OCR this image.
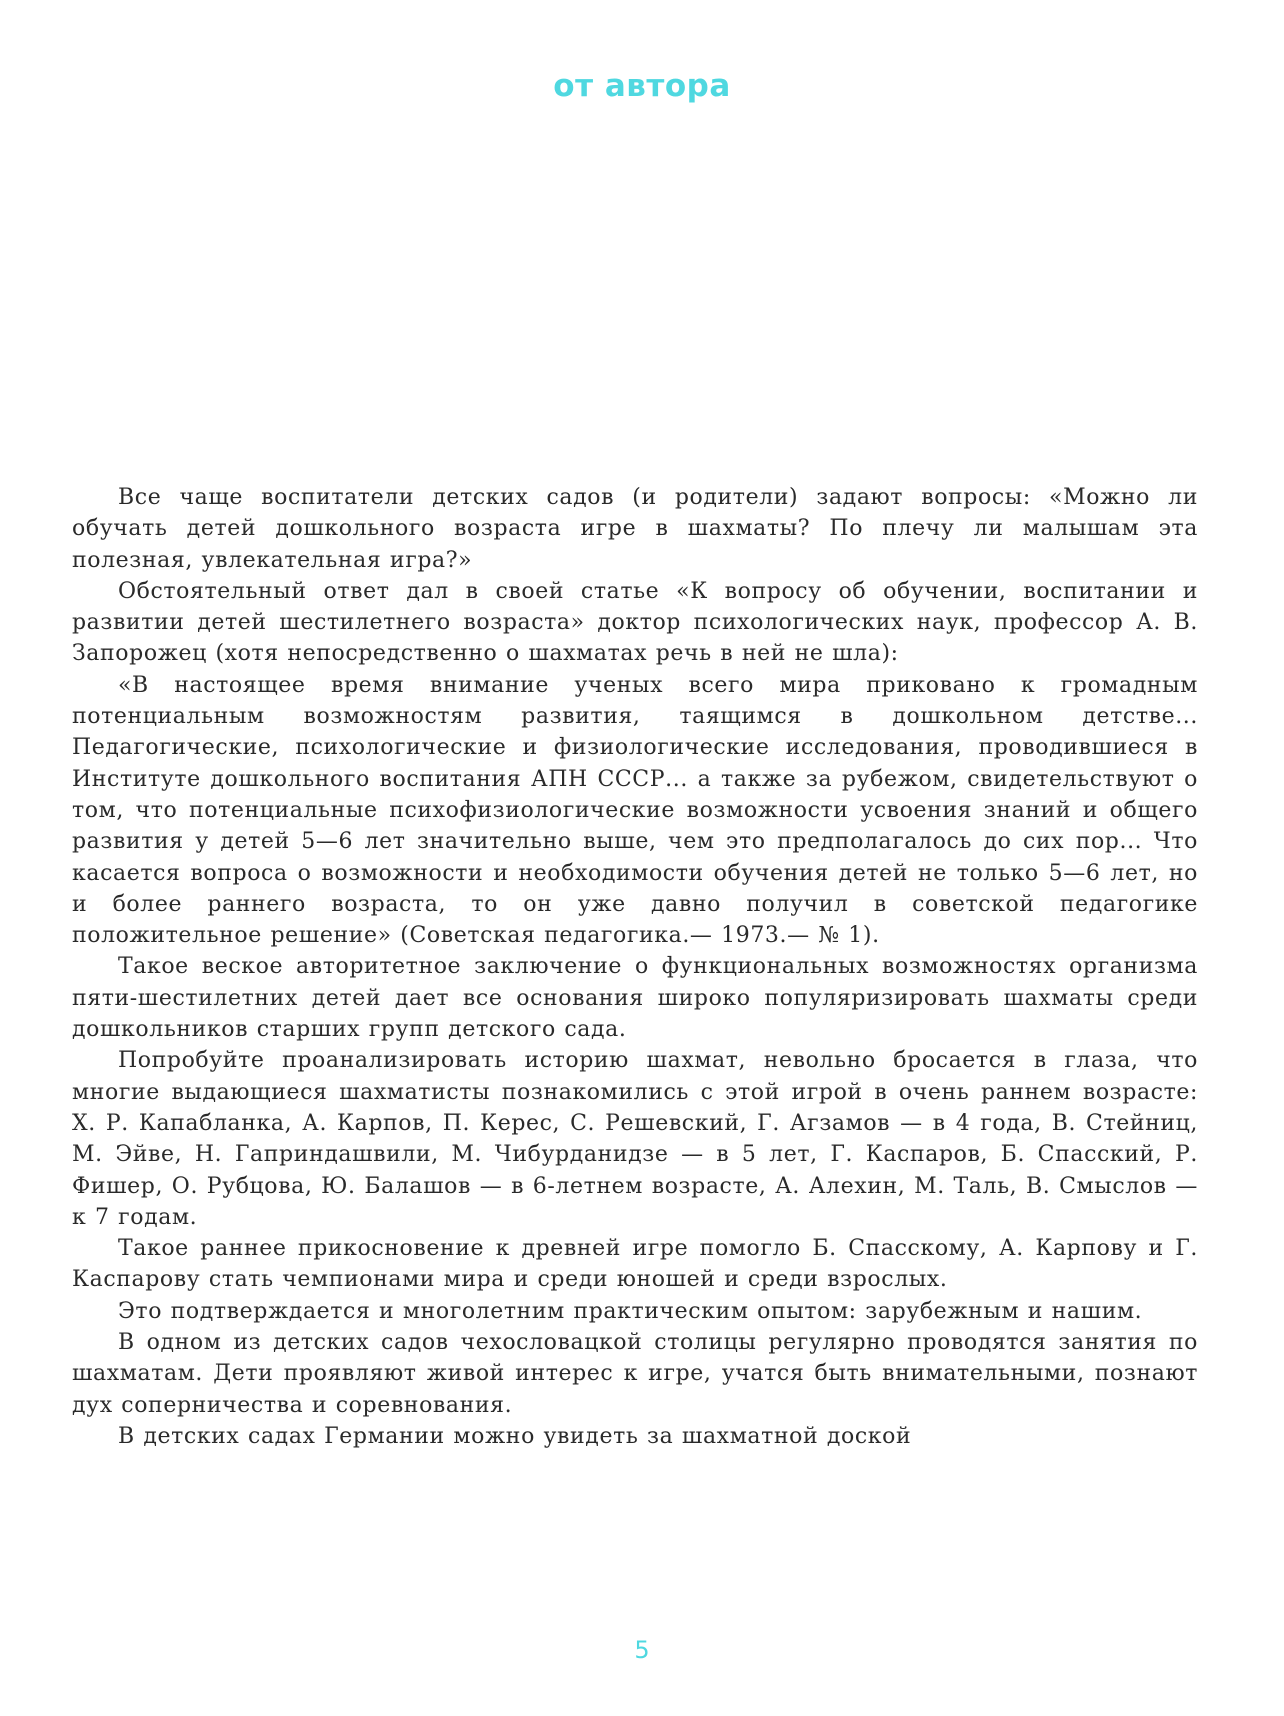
от автора

Все чаще воспитатели детских садов (и родители) задают вопросы: «Можно ли обучать детей дошкольного возраста игре в шахматы? По плечу ли малышам эта полезная, увлекательная игра?»

Обстоятельный ответ дал в своей статье «К вопросу об обучении, воспитании и развитии детей шестилетнего возраста» доктор психологических наук, профессор А. В. Запорожец (хотя непосредственно о шахматах речь в ней не шла):

«В настоящее время внимание ученых всего мира приковано к громадным потенциальным возможностям развития, таящимся в дошкольном детстве... Педагогические, психологические и физиологические исследования, проводившиеся в Институте дошкольного воспитания АПН СССР... а также за рубежом, свидетельствуют о том, что потенциальные психофизиологические возможности усвоения знаний и общего развития у детей 5—6 лет значительно выше, чем это предполагалось до сих пор... Что касается вопроса о возможности и необходимости обучения детей не только 5—6 лет, но и более раннего возраста, то он уже давно получил в советской педагогике положительное решение» (Советская педагогика.— 1973.— № 1).

Такое веское авторитетное заключение о функциональных возможностях организма пяти-шестилетних детей дает все основания широко популяризировать шахматы среди дошкольников старших групп детского сада.

Попробуйте проанализировать историю шахмат, невольно бросается в глаза, что многие выдающиеся шахматисты познакомились с этой игрой в очень раннем возрасте: Х. Р. Капабланка, А. Карпов, П. Керес, С. Решевский, Г. Агзамов — в 4 года, В. Стейниц, М. Эйве, Н. Гаприндашвили, М. Чибурданидзе — в 5 лет, Г. Каспаров, Б. Спасский, Р. Фишер, О. Рубцова, Ю. Балашов — в 6-летнем возрасте, А. Алехин, М. Таль, В. Смыслов — к 7 годам.

Такое раннее прикосновение к древней игре помогло Б. Спасскому, А. Карпову и Г. Каспарову стать чемпионами мира и среди юношей и среди взрослых.

Это подтверждается и многолетним практическим опытом: зарубежным и нашим.

В одном из детских садов чехословацкой столицы регулярно проводятся занятия по шахматам. Дети проявляют живой интерес к игре, учатся быть внимательными, познают дух соперничества и соревнования.

В детских садах Германии можно увидеть за шахматной доской

5
